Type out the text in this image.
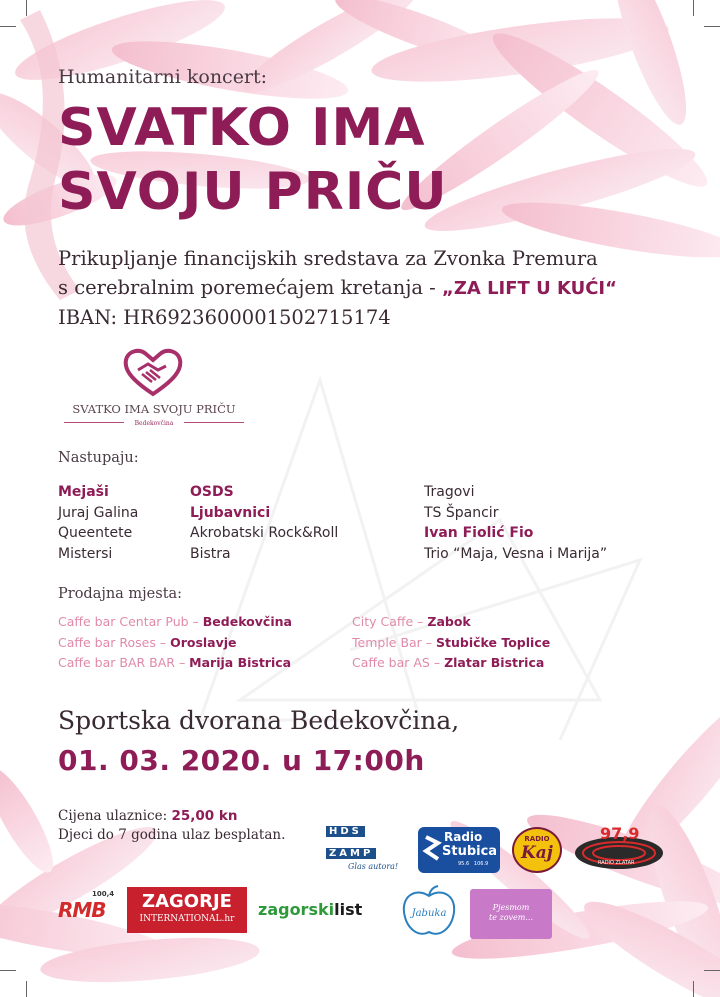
Humanitarni koncert:
SVATKO IMA
SVOJU PRIČU
Prikupljanje financijskih sredstava za Zvonka Premura
s cerebralnim poremećajem kretanja - „ZA LIFT U KUĆI“
IBAN: HR6923600001502715174
SVATKO IMA SVOJU PRIČU
Bedekovčina
Nastupaju:
Mejaši
Juraj Galina
Queentete
Mistersi
OSDS
Ljubavnici
Akrobatski Rock&Roll
Bistra
Tragovi
TS Špancir
Ivan Fiolić Fio
Trio “Maja, Vesna i Marija”
Prodajna mjesta:
Caffe bar Centar Pub – Bedekovčina
Caffe bar Roses – Oroslavje
Caffe bar BAR BAR – Marija Bistrica
City Caffe – Zabok
Temple Bar – Stubičke Toplice
Caffe bar AS – Zlatar Bistrica
Sportska dvorana Bedekovčina,
01. 03. 2020. u 17:00h
Cijena ulaznice: 25,00 kn
Djeci do 7 godina ulaz besplatan.	HDS
ZAMP
Glas autora!
Radio
Stubica
95.6   106.9
RADIO
Kaj
97,9
RADIO ZLATAR
100,4
RMB	ZAGORJE
INTERNATIONAL.hr	zagorskilist	Jabuka
Pjesmom
te zovem...
